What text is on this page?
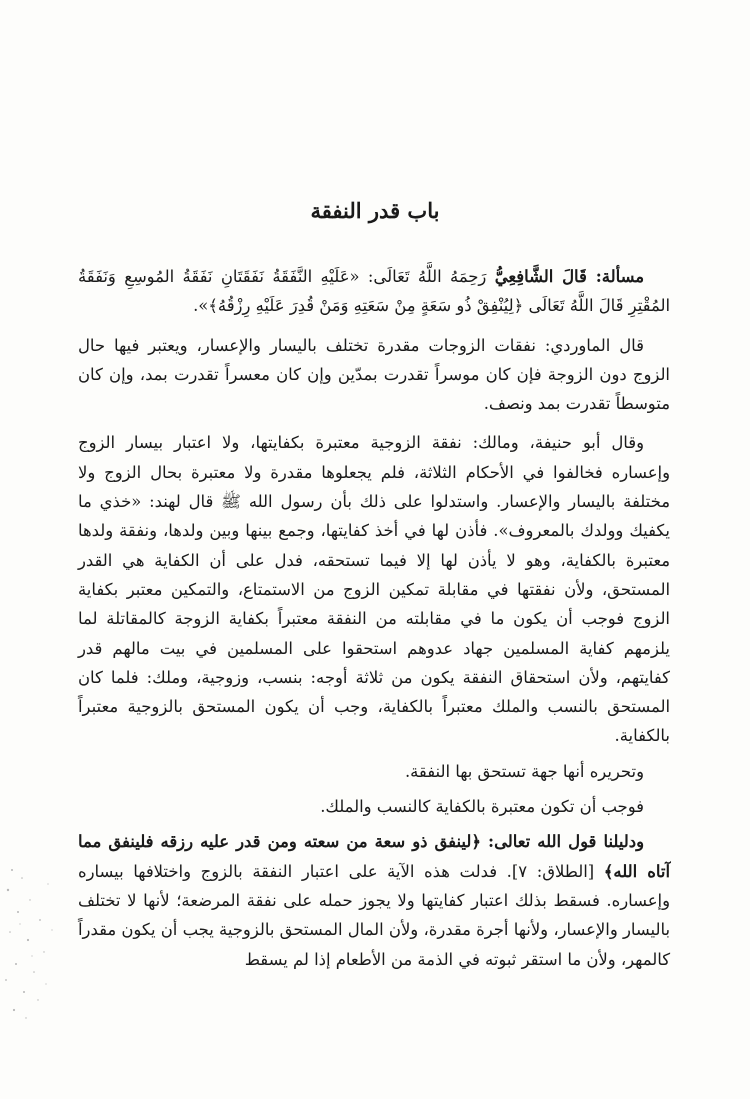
باب قدر النفقة

مسألة: قَالَ الشَّافِعِيُّ رَحِمَهُ اللَّهُ تَعَالَى: «عَلَيْهِ النَّفَقَةُ نَفَقَتَانِ نَفَقَةُ المُوسِعِ وَنَفَقَةُ المُقْتِرِ قَالَ اللَّهُ تَعَالَى ﴿لِيُنْفِقْ ذُو سَعَةٍ مِنْ سَعَتِهِ وَمَنْ قُدِرَ عَلَيْهِ رِزْقُهُ﴾».

قال الماوردي: نفقات الزوجات مقدرة تختلف باليسار والإعسار، ويعتبر فيها حال الزوج دون الزوجة فإن كان موسراً تقدرت بمدّين وإن كان معسراً تقدرت بمد، وإن كان متوسطاً تقدرت بمد ونصف.

وقال أبو حنيفة، ومالك: نفقة الزوجية معتبرة بكفايتها، ولا اعتبار بيسار الزوج وإعساره فخالفوا في الأحكام الثلاثة، فلم يجعلوها مقدرة ولا معتبرة بحال الزوج ولا مختلفة باليسار والإعسار. واستدلوا على ذلك بأن رسول الله ﷺ قال لهند: «خذي ما يكفيك وولدك بالمعروف». فأذن لها في أخذ كفايتها، وجمع بينها وبين ولدها، ونفقة ولدها معتبرة بالكفاية، وهو لا يأذن لها إلا فيما تستحقه، فدل على أن الكفاية هي القدر المستحق، ولأن نفقتها في مقابلة تمكين الزوج من الاستمتاع، والتمكين معتبر بكفاية الزوج فوجب أن يكون ما في مقابلته من النفقة معتبراً بكفاية الزوجة كالمقاتلة لما يلزمهم كفاية المسلمين جهاد عدوهم استحقوا على المسلمين في بيت مالهم قدر كفايتهم، ولأن استحقاق النفقة يكون من ثلاثة أوجه: بنسب، وزوجية، وملك: فلما كان المستحق بالنسب والملك معتبراً بالكفاية، وجب أن يكون المستحق بالزوجية معتبراً بالكفاية.

وتحريره أنها جهة تستحق بها النفقة.

فوجب أن تكون معتبرة بالكفاية كالنسب والملك.

ودليلنا قول الله تعالى: ﴿لينفق ذو سعة من سعته ومن قدر عليه رزقه فلينفق مما آتاه الله﴾ [الطلاق: ٧]. فدلت هذه الآية على اعتبار النفقة بالزوج واختلافها بيساره وإعساره. فسقط بذلك اعتبار كفايتها ولا يجوز حمله على نفقة المرضعة؛ لأنها لا تختلف باليسار والإعسار، ولأنها أجرة مقدرة، ولأن المال المستحق بالزوجية يجب أن يكون مقدراً كالمهر، ولأن ما استقر ثبوته في الذمة من الأطعام إذا لم يسقط
